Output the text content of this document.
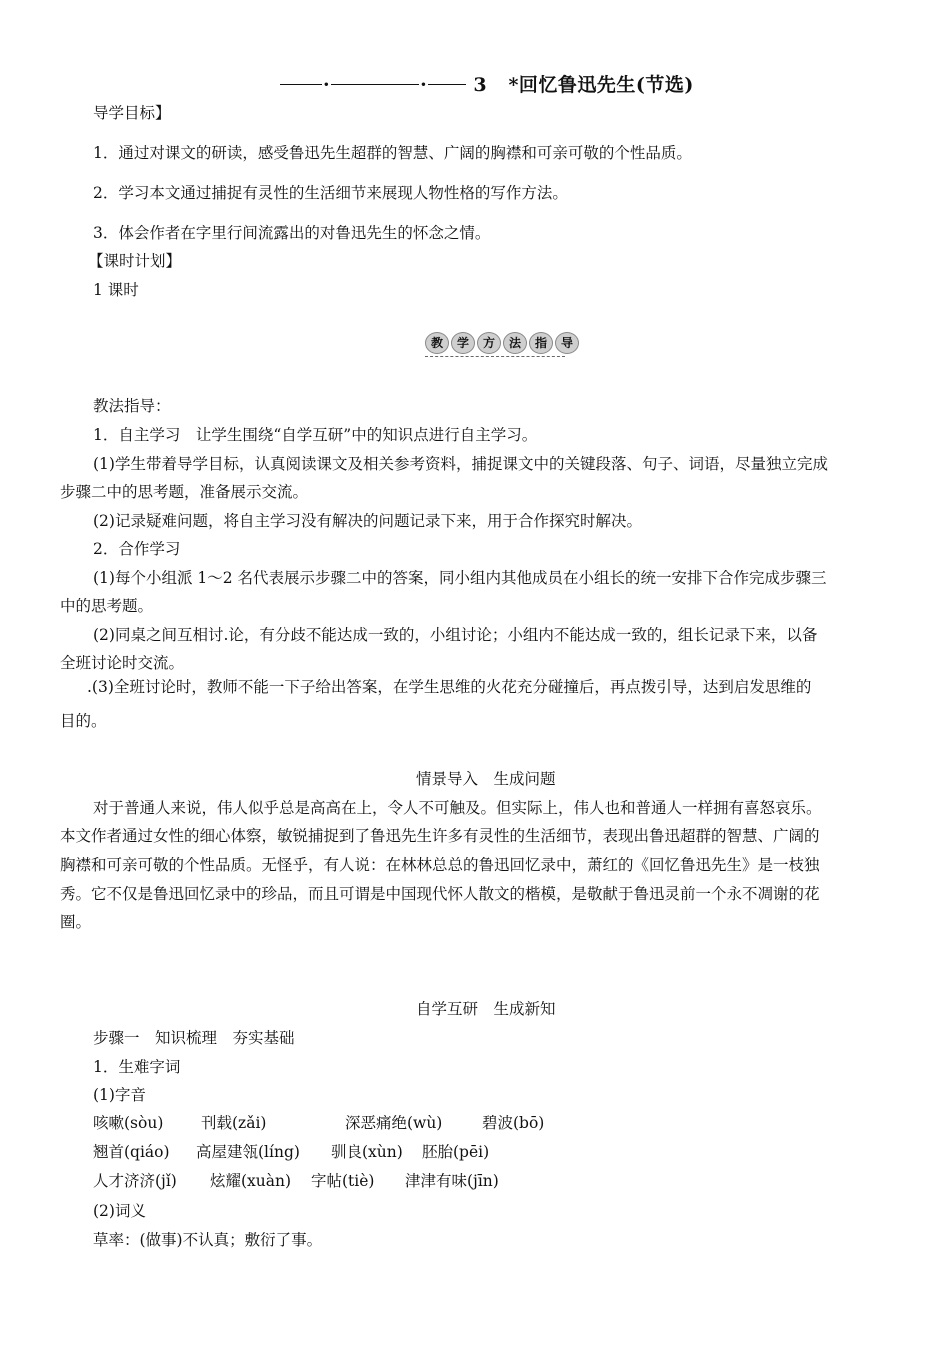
·	· 3 *回忆鲁迅先生(节选)
导学目标】
1．通过对课文的研读，感受鲁迅先生超群的智慧、广阔的胸襟和可亲可敬的个性品质。
2．学习本文通过捕捉有灵性的生活细节来展现人物性格的写作方法。
3．体会作者在字里行间流露出的对鲁迅先生的怀念之情。
【课时计划】
1 课时
教 学 方 法 指 导
教法指导：
1．自主学习　让学生围绕“自学互研”中的知识点进行自主学习。
(1)学生带着导学目标，认真阅读课文及相关参考资料，捕捉课文中的关键段落、句子、词语，尽量独立完成
步骤二中的思考题，准备展示交流。
(2)记录疑难问题，将自主学习没有解决的问题记录下来，用于合作探究时解决。
2．合作学习
(1)每个小组派 1～2 名代表展示步骤二中的答案，同小组内其他成员在小组长的统一安排下合作完成步骤三
中的思考题。
(2)同桌之间互相讨.论，有分歧不能达成一致的，小组讨论；小组内不能达成一致的，组长记录下来，以备
全班讨论时交流。
.(3)全班讨论时，教师不能一下子给出答案，在学生思维的火花充分碰撞后，再点拨引导，达到启发思维的
目的。
情景导入　生成问题
对于普通人来说，伟人似乎总是高高在上，令人不可触及。但实际上，伟人也和普通人一样拥有喜怒哀乐。
本文作者通过女性的细心体察，敏锐捕捉到了鲁迅先生许多有灵性的生活细节，表现出鲁迅超群的智慧、广阔的
胸襟和可亲可敬的个性品质。无怪乎，有人说：在林林总总的鲁迅回忆录中，萧红的《回忆鲁迅先生》是一枝独
秀。它不仅是鲁迅回忆录中的珍品，而且可谓是中国现代怀人散文的楷模，是敬献于鲁迅灵前一个永不凋谢的花
圈。
自学互研　生成新知
步骤一　知识梳理　夯实基础
1．生难字词
(1)字音
咳嗽(sòu) 刊载(zǎi)	深恶痛绝(wù)	碧波(bō)
翘首(qiáo) 高屋建瓴(líng) 驯良(xùn) 胚胎(pēi)
人才济济(jǐ) 炫耀(xuàn) 字帖(tiè) 津津有味(jīn)
(2)词义
草率：(做事)不认真；敷衍了事。
